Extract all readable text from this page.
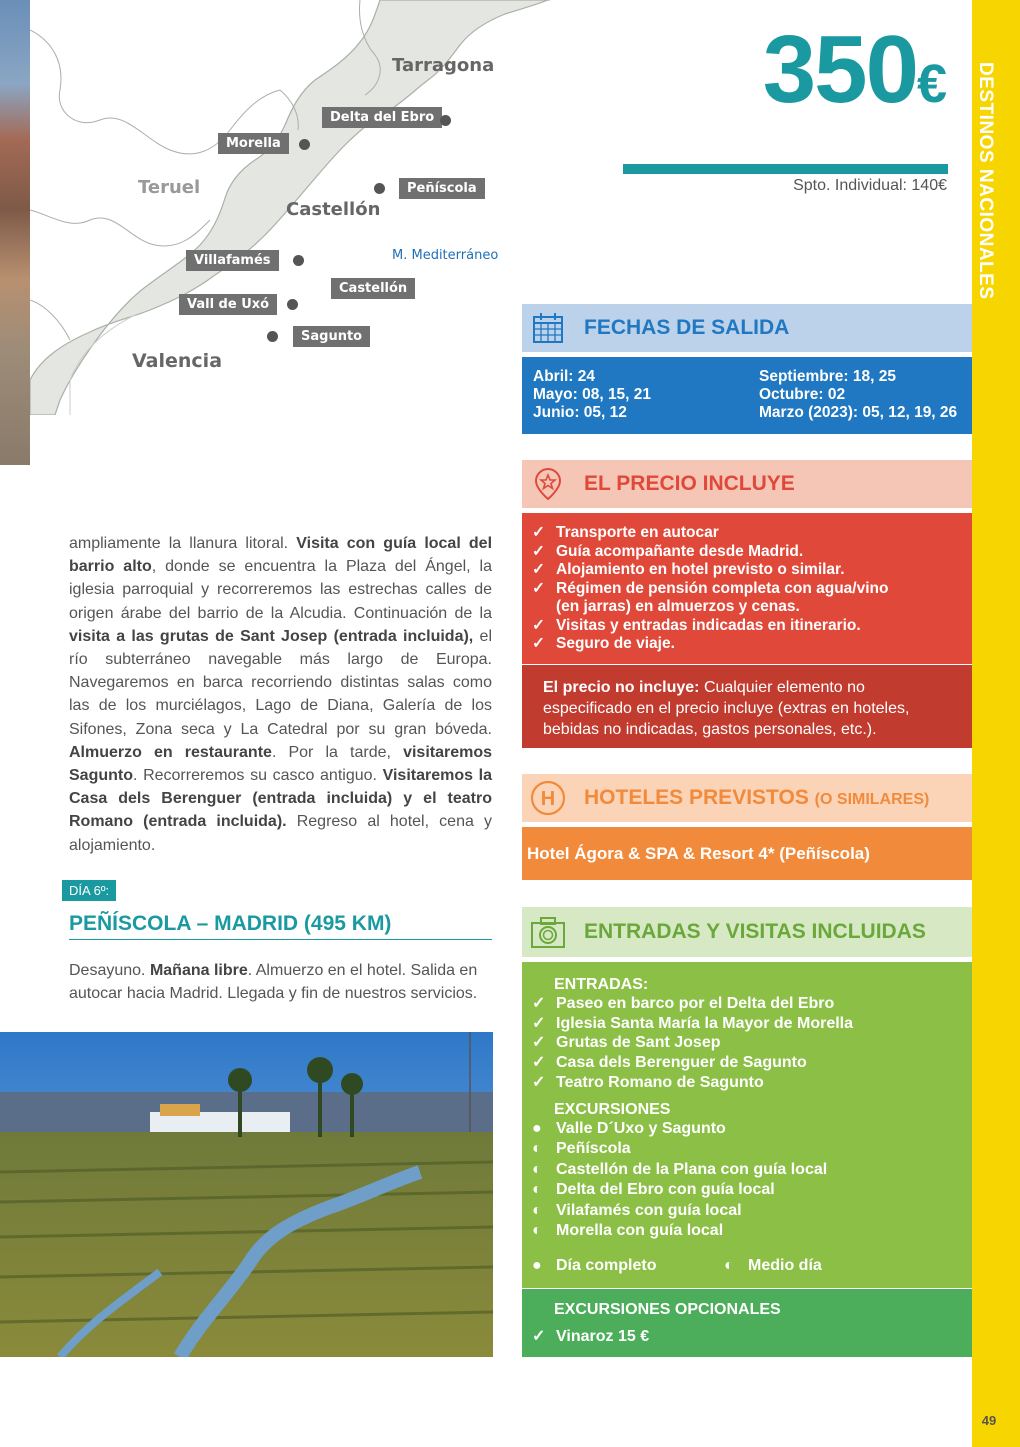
Tarragona
Teruel
Castellón
Valencia
M. Mediterráneo
Delta del Ebro
Morella
Peñíscola
Villafamés
Castellón
Vall de Uxó
Sagunto
350€
Spto. Individual: 140€ DESTINOS NACIONALES
49
FECHAS DE SALIDA
Abril: 24
Mayo: 08, 15, 21
Junio: 05, 12
Septiembre: 18, 25
Octubre: 02
Marzo (2023): 05, 12, 19, 26
EL PRECIO INCLUYE
✓ Transporte en autocar
✓ Guía acompañante desde Madrid.
✓ Alojamiento en hotel previsto o similar.
✓ Régimen de pensión completa con agua/vino
(en jarras) en almuerzos y cenas.
✓ Visitas y entradas indicadas en itinerario.
✓ Seguro de viaje.
El precio no incluye: Cualquier elemento no especificado en el precio incluye (extras en hoteles, bebidas no indicadas, gastos personales, etc.).
H HOTELES PREVISTOS (O SIMILARES)
Hotel Ágora & SPA & Resort 4* (Peñíscola)
ENTRADAS Y VISITAS INCLUIDAS
ENTRADAS:
✓ Paseo en barco por el Delta del Ebro
✓ Iglesia Santa María la Mayor de Morella
✓ Grutas de Sant Josep
✓ Casa dels Berenguer de Sagunto
✓ Teatro Romano de Sagunto
EXCURSIONES
● Valle D´Uxo y Sagunto
◐ Peñíscola
◐ Castellón de la Plana con guía local
◐ Delta del Ebro con guía local
◐ Vilafamés con guía local
◐ Morella con guía local
● Día completo	◐ Medio día
EXCURSIONES OPCIONALES
✓ Vinaroz 15 €
ampliamente la llanura litoral. Visita con guía local del barrio alto, donde se encuentra la Plaza del Ángel, la iglesia parroquial y recorreremos las estrechas calles de origen árabe del barrio de la Alcudia. Continuación de la visita a las grutas de Sant Josep (entrada incluida), el río subterráneo navegable más largo de Europa. Navegaremos en barca recorriendo distintas salas como las de los murciélagos, Lago de Diana, Galería de los Sifones, Zona seca y La Catedral por su gran bóveda. Almuerzo en restaurante. Por la tarde, visitaremos Sagunto. Recorreremos su casco antiguo. Visitaremos la Casa dels Berenguer (entrada incluida) y el teatro Romano (entrada incluida). Regreso al hotel, cena y alojamiento.
DÍA 6º:
PEÑÍSCOLA – MADRID (495 KM)
Desayuno. Mañana libre. Almuerzo en el hotel. Salida en autocar hacia Madrid. Llegada y fin de nuestros servicios.
